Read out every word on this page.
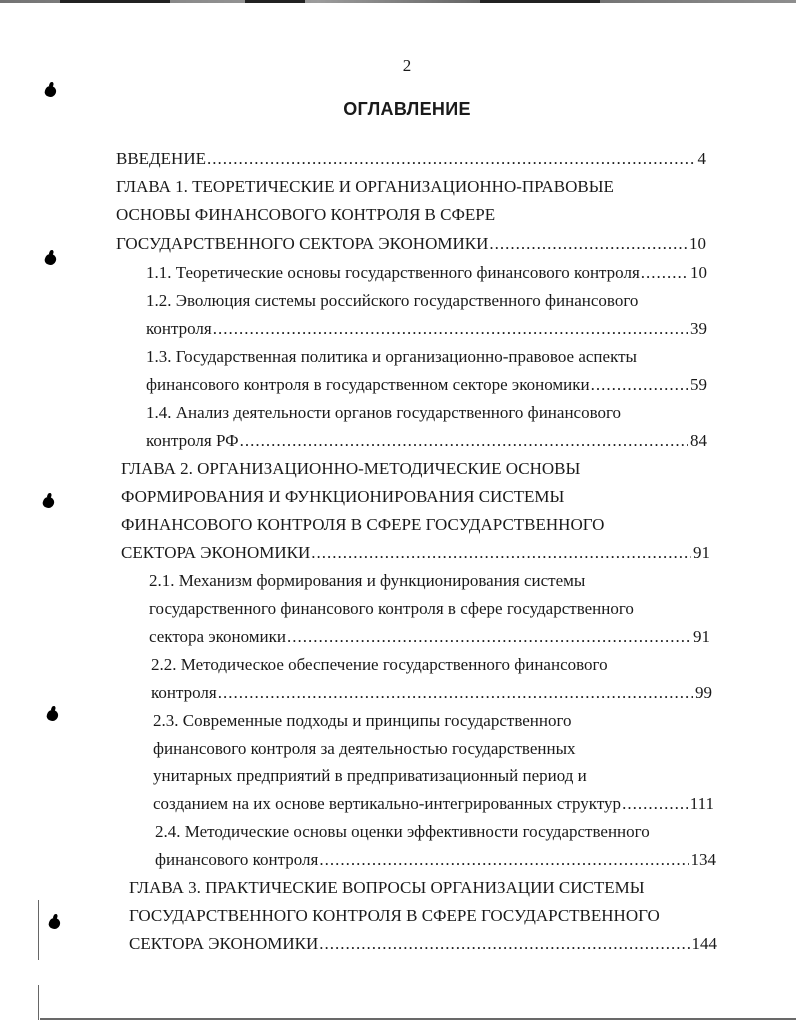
2
ОГЛАВЛЕНИЕ
ВВЕДЕНИЕ .....	4
ГЛАВА 1. ТЕОРЕТИЧЕСКИЕ И ОРГАНИЗАЦИОННО-ПРАВОВЫЕ
ОСНОВЫ ФИНАНСОВОГО КОНТРОЛЯ В СФЕРЕ
ГОСУДАРСТВЕННОГО СЕКТОРА ЭКОНОМИКИ .....	10
1.1. Теоретические основы государственного финансового контроля .....	10
1.2. Эволюция системы российского государственного финансового
контроля .....	39
1.3. Государственная политика и организационно-правовое аспекты
финансового контроля в государственном секторе экономики .....	59
1.4. Анализ деятельности органов государственного финансового
контроля РФ .....	84
ГЛАВА 2. ОРГАНИЗАЦИОННО-МЕТОДИЧЕСКИЕ ОСНОВЫ
ФОРМИРОВАНИЯ И ФУНКЦИОНИРОВАНИЯ СИСТЕМЫ
ФИНАНСОВОГО КОНТРОЛЯ В СФЕРЕ ГОСУДАРСТВЕННОГО
СЕКТОРА ЭКОНОМИКИ .....	91
2.1. Механизм формирования и функционирования системы
государственного финансового контроля в сфере государственного
сектора экономики .....	91
2.2. Методическое обеспечение государственного финансового
контроля .....	99
2.3. Современные подходы и принципы государственного
финансового контроля за деятельностью государственных
унитарных предприятий в предприватизационный период и
созданием на их основе вертикально-интегрированных структур .....	111
2.4. Методические основы оценки эффективности государственного
финансового контроля .....	134
ГЛАВА 3. ПРАКТИЧЕСКИЕ ВОПРОСЫ ОРГАНИЗАЦИИ СИСТЕМЫ
ГОСУДАРСТВЕННОГО КОНТРОЛЯ В СФЕРЕ ГОСУДАРСТВЕННОГО
СЕКТОРА ЭКОНОМИКИ .....	144
